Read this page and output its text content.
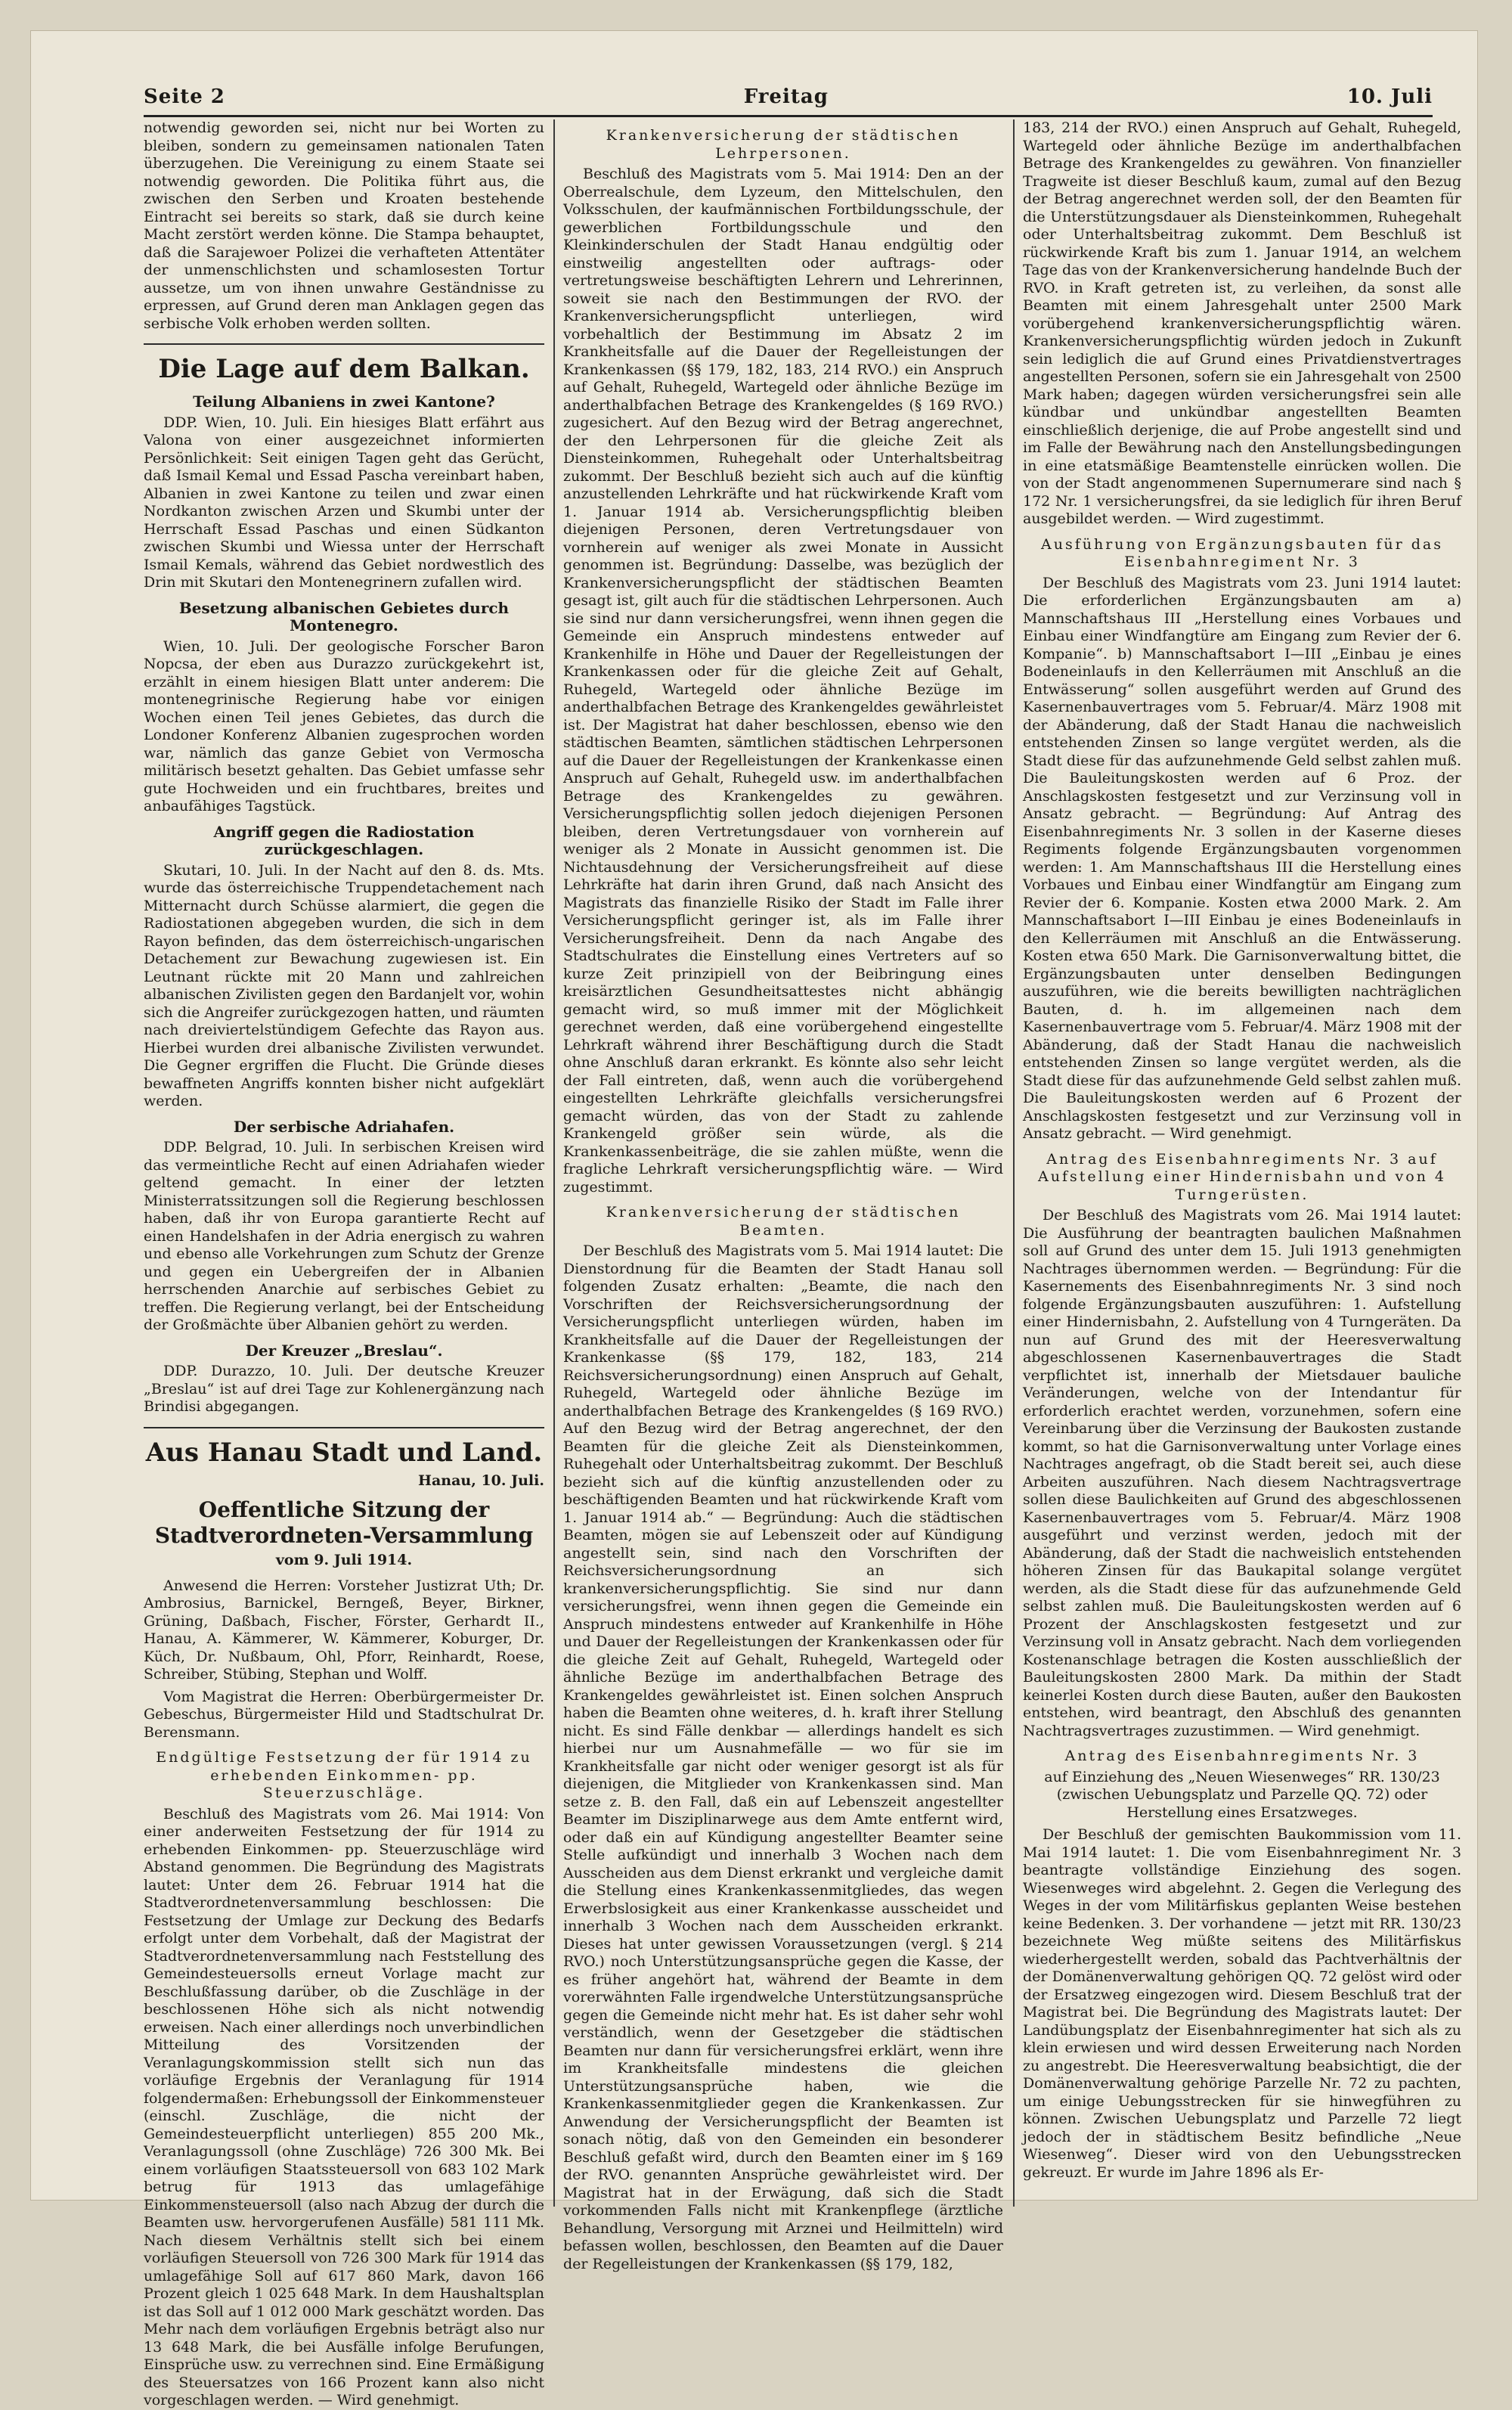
Seite 2	Freitag	10. Juli

notwendig geworden sei, nicht nur bei Worten zu bleiben, sondern zu gemeinsamen nationalen Taten überzugehen. Die Vereinigung zu einem Staate sei notwendig geworden. Die Politika führt aus, die zwischen den Serben und Kroaten bestehende Eintracht sei bereits so stark, daß sie durch keine Macht zerstört werden könne. Die Stampa behauptet, daß die Sarajewoer Polizei die verhafteten Attentäter der unmenschlichsten und schamlosesten Tortur aussetze, um von ihnen unwahre Geständnisse zu erpressen, auf Grund deren man Anklagen gegen das serbische Volk erhoben werden sollten.

Die Lage auf dem Balkan.
Teilung Albaniens in zwei Kantone?

DDP. Wien, 10. Juli. Ein hiesiges Blatt erfährt aus Valona von einer ausgezeichnet informierten Persönlichkeit: Seit einigen Tagen geht das Gerücht, daß Ismail Kemal und Essad Pascha vereinbart haben, Albanien in zwei Kantone zu teilen und zwar einen Nordkanton zwischen Arzen und Skumbi unter der Herrschaft Essad Paschas und einen Südkanton zwischen Skumbi und Wiessa unter der Herrschaft Ismail Kemals, während das Gebiet nordwestlich des Drin mit Skutari den Montenegrinern zufallen wird.

Besetzung albanischen Gebietes durch Montenegro.

Wien, 10. Juli. Der geologische Forscher Baron Nopcsa, der eben aus Durazzo zurückgekehrt ist, erzählt in einem hiesigen Blatt unter anderem: Die montenegrinische Regierung habe vor einigen Wochen einen Teil jenes Gebietes, das durch die Londoner Konferenz Albanien zugesprochen worden war, nämlich das ganze Gebiet von Vermoscha militärisch besetzt gehalten. Das Gebiet umfasse sehr gute Hochweiden und ein fruchtbares, breites und anbaufähiges Tagstück.

Angriff gegen die Radiostation zurückgeschlagen.

Skutari, 10. Juli. In der Nacht auf den 8. ds. Mts. wurde das österreichische Truppendetachement nach Mitternacht durch Schüsse alarmiert, die gegen die Radiostationen abgegeben wurden, die sich in dem Rayon befinden, das dem österreichisch-ungarischen Detachement zur Bewachung zugewiesen ist. Ein Leutnant rückte mit 20 Mann und zahlreichen albanischen Zivilisten gegen den Bardanjelt vor, wohin sich die Angreifer zurückgezogen hatten, und räumten nach dreiviertelstündigem Gefechte das Rayon aus. Hierbei wurden drei albanische Zivilisten verwundet. Die Gegner ergriffen die Flucht. Die Gründe dieses bewaffneten Angriffs konnten bisher nicht aufgeklärt werden.

Der serbische Adriahafen.

DDP. Belgrad, 10. Juli. In serbischen Kreisen wird das vermeintliche Recht auf einen Adriahafen wieder geltend gemacht. In einer der letzten Ministerratssitzungen soll die Regierung beschlossen haben, daß ihr von Europa garantierte Recht auf einen Handelshafen in der Adria energisch zu wahren und ebenso alle Vorkehrungen zum Schutz der Grenze und gegen ein Uebergreifen der in Albanien herrschenden Anarchie auf serbisches Gebiet zu treffen. Die Regierung verlangt, bei der Entscheidung der Großmächte über Albanien gehört zu werden.

Der Kreuzer „Breslau“.

DDP. Durazzo, 10. Juli. Der deutsche Kreuzer „Breslau“ ist auf drei Tage zur Kohlenergänzung nach Brindisi abgegangen.

Aus Hanau Stadt und Land.
Hanau, 10. Juli.
Oeffentliche Sitzung der Stadtverordneten-Versammlung
vom 9. Juli 1914.

Anwesend die Herren: Vorsteher Justizrat Uth; Dr. Ambrosius, Barnickel, Berngeß, Beyer, Birkner, Grüning, Daßbach, Fischer, Förster, Gerhardt II., Hanau, A. Kämmerer, W. Kämmerer, Koburger, Dr. Küch, Dr. Nußbaum, Ohl, Pforr, Reinhardt, Roese, Schreiber, Stübing, Stephan und Wolff.

Vom Magistrat die Herren: Oberbürgermeister Dr. Gebeschus, Bürgermeister Hild und Stadtschulrat Dr. Berensmann.

Endgültige Festsetzung der für 1914 zu erhebenden Einkommen- pp. Steuerzuschläge.

Beschluß des Magistrats vom 26. Mai 1914: Von einer anderweiten Festsetzung der für 1914 zu erhebenden Einkommen- pp. Steuerzuschläge wird Abstand genommen. Die Begründung des Magistrats lautet: Unter dem 26. Februar 1914 hat die Stadtverordnetenversammlung beschlossen: Die Festsetzung der Umlage zur Deckung des Bedarfs erfolgt unter dem Vorbehalt, daß der Magistrat der Stadtverordnetenversammlung nach Feststellung des Gemeindesteuersolls erneut Vorlage macht zur Beschlußfassung darüber, ob die Zuschläge in der beschlossenen Höhe sich als nicht notwendig erweisen. Nach einer allerdings noch unverbindlichen Mitteilung des Vorsitzenden der Veranlagungskommission stellt sich nun das vorläufige Ergebnis der Veranlagung für 1914 folgendermaßen: Erhebungssoll der Einkommensteuer (einschl. Zuschläge, die nicht der Gemeindesteuerpflicht unterliegen) 855 200 Mk., Veranlagungssoll (ohne Zuschläge) 726 300 Mk. Bei einem vorläufigen Staatssteuersoll von 683 102 Mark betrug für 1913 das umlagefähige Einkommensteuersoll (also nach Abzug der durch die Beamten usw. hervorgerufenen Ausfälle) 581 111 Mk. Nach diesem Verhältnis stellt sich bei einem vorläufigen Steuersoll von 726 300 Mark für 1914 das umlagefähige Soll auf 617 860 Mark, davon 166 Prozent gleich 1 025 648 Mark. In dem Haushaltsplan ist das Soll auf 1 012 000 Mark geschätzt worden. Das Mehr nach dem vorläufigen Ergebnis beträgt also nur 13 648 Mark, die bei Ausfälle infolge Berufungen, Einsprüche usw. zu verrechnen sind. Eine Ermäßigung des Steuersatzes von 166 Prozent kann also nicht vorgeschlagen werden. — Wird genehmigt.

Krankenversicherung der städtischen Lehrpersonen.

Beschluß des Magistrats vom 5. Mai 1914: Den an der Oberrealschule, dem Lyzeum, den Mittelschulen, den Volksschulen, der kaufmännischen Fortbildungsschule, der gewerblichen Fortbildungsschule und den Kleinkinderschulen der Stadt Hanau endgültig oder einstweilig angestellten oder auftrags- oder vertretungsweise beschäftigten Lehrern und Lehrerinnen, soweit sie nach den Bestimmungen der RVO. der Krankenversicherungspflicht unterliegen, wird vorbehaltlich der Bestimmung im Absatz 2 im Krankheitsfalle auf die Dauer der Regelleistungen der Krankenkassen (§§ 179, 182, 183, 214 RVO.) ein Anspruch auf Gehalt, Ruhegeld, Wartegeld oder ähnliche Bezüge im anderthalbfachen Betrage des Krankengeldes (§ 169 RVO.) zugesichert. Auf den Bezug wird der Betrag angerechnet, der den Lehrpersonen für die gleiche Zeit als Diensteinkommen, Ruhegehalt oder Unterhaltsbeitrag zukommt. Der Beschluß bezieht sich auch auf die künftig anzustellenden Lehrkräfte und hat rückwirkende Kraft vom 1. Januar 1914 ab. Versicherungspflichtig bleiben diejenigen Personen, deren Vertretungsdauer von vornherein auf weniger als zwei Monate in Aussicht genommen ist. Begründung: Dasselbe, was bezüglich der Krankenversicherungspflicht der städtischen Beamten gesagt ist, gilt auch für die städtischen Lehrpersonen. Auch sie sind nur dann versicherungsfrei, wenn ihnen gegen die Gemeinde ein Anspruch mindestens entweder auf Krankenhilfe in Höhe und Dauer der Regelleistungen der Krankenkassen oder für die gleiche Zeit auf Gehalt, Ruhegeld, Wartegeld oder ähnliche Bezüge im anderthalbfachen Betrage des Krankengeldes gewährleistet ist. Der Magistrat hat daher beschlossen, ebenso wie den städtischen Beamten, sämtlichen städtischen Lehrpersonen auf die Dauer der Regelleistungen der Krankenkasse einen Anspruch auf Gehalt, Ruhegeld usw. im anderthalbfachen Betrage des Krankengeldes zu gewähren. Versicherungspflichtig sollen jedoch diejenigen Personen bleiben, deren Vertretungsdauer von vornherein auf weniger als 2 Monate in Aussicht genommen ist. Die Nichtausdehnung der Versicherungsfreiheit auf diese Lehrkräfte hat darin ihren Grund, daß nach Ansicht des Magistrats das finanzielle Risiko der Stadt im Falle ihrer Versicherungspflicht geringer ist, als im Falle ihrer Versicherungsfreiheit. Denn da nach Angabe des Stadtschulrates die Einstellung eines Vertreters auf so kurze Zeit prinzipiell von der Beibringung eines kreisärztlichen Gesundheitsattestes nicht abhängig gemacht wird, so muß immer mit der Möglichkeit gerechnet werden, daß eine vorübergehend eingestellte Lehrkraft während ihrer Beschäftigung durch die Stadt ohne Anschluß daran erkrankt. Es könnte also sehr leicht der Fall eintreten, daß, wenn auch die vorübergehend eingestellten Lehrkräfte gleichfalls versicherungsfrei gemacht würden, das von der Stadt zu zahlende Krankengeld größer sein würde, als die Krankenkassenbeiträge, die sie zahlen müßte, wenn die fragliche Lehrkraft versicherungspflichtig wäre. — Wird zugestimmt.

Krankenversicherung der städtischen Beamten.

Der Beschluß des Magistrats vom 5. Mai 1914 lautet: Die Dienstordnung für die Beamten der Stadt Hanau soll folgenden Zusatz erhalten: „Beamte, die nach den Vorschriften der Reichsversicherungsordnung der Versicherungspflicht unterliegen würden, haben im Krankheitsfalle auf die Dauer der Regelleistungen der Krankenkasse (§§ 179, 182, 183, 214 Reichsversicherungsordnung) einen Anspruch auf Gehalt, Ruhegeld, Wartegeld oder ähnliche Bezüge im anderthalbfachen Betrage des Krankengeldes (§ 169 RVO.) Auf den Bezug wird der Betrag angerechnet, der den Beamten für die gleiche Zeit als Diensteinkommen, Ruhegehalt oder Unterhaltsbeitrag zukommt. Der Beschluß bezieht sich auf die künftig anzustellenden oder zu beschäftigenden Beamten und hat rückwirkende Kraft vom 1. Januar 1914 ab.“ — Begründung: Auch die städtischen Beamten, mögen sie auf Lebenszeit oder auf Kündigung angestellt sein, sind nach den Vorschriften der Reichsversicherungsordnung an sich krankenversicherungspflichtig. Sie sind nur dann versicherungsfrei, wenn ihnen gegen die Gemeinde ein Anspruch mindestens entweder auf Krankenhilfe in Höhe und Dauer der Regelleistungen der Krankenkassen oder für die gleiche Zeit auf Gehalt, Ruhegeld, Wartegeld oder ähnliche Bezüge im anderthalbfachen Betrage des Krankengeldes gewährleistet ist. Einen solchen Anspruch haben die Beamten ohne weiteres, d. h. kraft ihrer Stellung nicht. Es sind Fälle denkbar — allerdings handelt es sich hierbei nur um Ausnahmefälle — wo für sie im Krankheitsfalle gar nicht oder weniger gesorgt ist als für diejenigen, die Mitglieder von Krankenkassen sind. Man setze z. B. den Fall, daß ein auf Lebenszeit angestellter Beamter im Disziplinarwege aus dem Amte entfernt wird, oder daß ein auf Kündigung angestellter Beamter seine Stelle aufkündigt und innerhalb 3 Wochen nach dem Ausscheiden aus dem Dienst erkrankt und vergleiche damit die Stellung eines Krankenkassenmitgliedes, das wegen Erwerbslosigkeit aus einer Krankenkasse ausscheidet und innerhalb 3 Wochen nach dem Ausscheiden erkrankt. Dieses hat unter gewissen Voraussetzungen (vergl. § 214 RVO.) noch Unterstützungsansprüche gegen die Kasse, der es früher angehört hat, während der Beamte in dem vorerwähnten Falle irgendwelche Unterstützungsansprüche gegen die Gemeinde nicht mehr hat. Es ist daher sehr wohl verständlich, wenn der Gesetzgeber die städtischen Beamten nur dann für versicherungsfrei erklärt, wenn ihre im Krankheitsfalle mindestens die gleichen Unterstützungsansprüche haben, wie die Krankenkassenmitglieder gegen die Krankenkassen. Zur Anwendung der Versicherungspflicht der Beamten ist sonach nötig, daß von den Gemeinden ein besonderer Beschluß gefaßt wird, durch den Beamten einer im § 169 der RVO. genannten Ansprüche gewährleistet wird. Der Magistrat hat in der Erwägung, daß sich die Stadt vorkommenden Falls nicht mit Krankenpflege (ärztliche Behandlung, Versorgung mit Arznei und Heilmitteln) wird befassen wollen, beschlossen, den Beamten auf die Dauer der Regelleistungen der Krankenkassen (§§ 179, 182,

183, 214 der RVO.) einen Anspruch auf Gehalt, Ruhegeld, Wartegeld oder ähnliche Bezüge im anderthalbfachen Betrage des Krankengeldes zu gewähren. Von finanzieller Tragweite ist dieser Beschluß kaum, zumal auf den Bezug der Betrag angerechnet werden soll, der den Beamten für die Unterstützungsdauer als Diensteinkommen, Ruhegehalt oder Unterhaltsbeitrag zukommt. Dem Beschluß ist rückwirkende Kraft bis zum 1. Januar 1914, an welchem Tage das von der Krankenversicherung handelnde Buch der RVO. in Kraft getreten ist, zu verleihen, da sonst alle Beamten mit einem Jahresgehalt unter 2500 Mark vorübergehend krankenversicherungspflichtig wären. Krankenversicherungspflichtig würden jedoch in Zukunft sein lediglich die auf Grund eines Privatdienstvertrages angestellten Personen, sofern sie ein Jahresgehalt von 2500 Mark haben; dagegen würden versicherungsfrei sein alle kündbar und unkündbar angestellten Beamten einschließlich derjenige, die auf Probe angestellt sind und im Falle der Bewährung nach den Anstellungsbedingungen in eine etatsmäßige Beamtenstelle einrücken wollen. Die von der Stadt angenommenen Supernumerare sind nach § 172 Nr. 1 versicherungsfrei, da sie lediglich für ihren Beruf ausgebildet werden. — Wird zugestimmt.

Ausführung von Ergänzungsbauten für das Eisenbahnregiment Nr. 3

Der Beschluß des Magistrats vom 23. Juni 1914 lautet: Die erforderlichen Ergänzungsbauten am a) Mannschaftshaus III „Herstellung eines Vorbaues und Einbau einer Windfangtüre am Eingang zum Revier der 6. Kompanie“. b) Mannschaftsabort I—III „Einbau je eines Bodeneinlaufs in den Kellerräumen mit Anschluß an die Entwässerung“ sollen ausgeführt werden auf Grund des Kasernenbauvertrages vom 5. Februar/4. März 1908 mit der Abänderung, daß der Stadt Hanau die nachweislich entstehenden Zinsen so lange vergütet werden, als die Stadt diese für das aufzunehmende Geld selbst zahlen muß. Die Bauleitungskosten werden auf 6 Proz. der Anschlagskosten festgesetzt und zur Verzinsung voll in Ansatz gebracht. — Begründung: Auf Antrag des Eisenbahnregiments Nr. 3 sollen in der Kaserne dieses Regiments folgende Ergänzungsbauten vorgenommen werden: 1. Am Mannschaftshaus III die Herstellung eines Vorbaues und Einbau einer Windfangtür am Eingang zum Revier der 6. Kompanie. Kosten etwa 2000 Mark. 2. Am Mannschaftsabort I—III Einbau je eines Bodeneinlaufs in den Kellerräumen mit Anschluß an die Entwässerung. Kosten etwa 650 Mark. Die Garnisonverwaltung bittet, die Ergänzungsbauten unter denselben Bedingungen auszuführen, wie die bereits bewilligten nachträglichen Bauten, d. h. im allgemeinen nach dem Kasernenbauvertrage vom 5. Februar/4. März 1908 mit der Abänderung, daß der Stadt Hanau die nachweislich entstehenden Zinsen so lange vergütet werden, als die Stadt diese für das aufzunehmende Geld selbst zahlen muß. Die Bauleitungskosten werden auf 6 Prozent der Anschlagskosten festgesetzt und zur Verzinsung voll in Ansatz gebracht. — Wird genehmigt.

Antrag des Eisenbahnregiments Nr. 3 auf Aufstellung einer Hindernisbahn und von 4 Turngerüsten.

Der Beschluß des Magistrats vom 26. Mai 1914 lautet: Die Ausführung der beantragten baulichen Maßnahmen soll auf Grund des unter dem 15. Juli 1913 genehmigten Nachtrages übernommen werden. — Begründung: Für die Kasernements des Eisenbahnregiments Nr. 3 sind noch folgende Ergänzungsbauten auszuführen: 1. Aufstellung einer Hindernisbahn, 2. Aufstellung von 4 Turngeräten. Da nun auf Grund des mit der Heeresverwaltung abgeschlossenen Kasernenbauvertrages die Stadt verpflichtet ist, innerhalb der Mietsdauer bauliche Veränderungen, welche von der Intendantur für erforderlich erachtet werden, vorzunehmen, sofern eine Vereinbarung über die Verzinsung der Baukosten zustande kommt, so hat die Garnisonverwaltung unter Vorlage eines Nachtrages angefragt, ob die Stadt bereit sei, auch diese Arbeiten auszuführen. Nach diesem Nachtragsvertrage sollen diese Baulichkeiten auf Grund des abgeschlossenen Kasernenbauvertrages vom 5. Februar/4. März 1908 ausgeführt und verzinst werden, jedoch mit der Abänderung, daß der Stadt die nachweislich entstehenden höheren Zinsen für das Baukapital solange vergütet werden, als die Stadt diese für das aufzunehmende Geld selbst zahlen muß. Die Bauleitungskosten werden auf 6 Prozent der Anschlagskosten festgesetzt und zur Verzinsung voll in Ansatz gebracht. Nach dem vorliegenden Kostenanschlage betragen die Kosten ausschließlich der Bauleitungskosten 2800 Mark. Da mithin der Stadt keinerlei Kosten durch diese Bauten, außer den Baukosten entstehen, wird beantragt, den Abschluß des genannten Nachtragsvertrages zuzustimmen. — Wird genehmigt.

Antrag des Eisenbahnregiments Nr. 3

auf Einziehung des „Neuen Wiesenweges“ RR. 130/23 (zwischen Uebungsplatz und Parzelle QQ. 72) oder Herstellung eines Ersatzweges.

Der Beschluß der gemischten Baukommission vom 11. Mai 1914 lautet: 1. Die vom Eisenbahnregiment Nr. 3 beantragte vollständige Einziehung des sogen. Wiesenweges wird abgelehnt. 2. Gegen die Verlegung des Weges in der vom Militärfiskus geplanten Weise bestehen keine Bedenken. 3. Der vorhandene — jetzt mit RR. 130/23 bezeichnete Weg müßte seitens des Militärfiskus wiederhergestellt werden, sobald das Pachtverhältnis der der Domänenverwaltung gehörigen QQ. 72 gelöst wird oder der Ersatzweg eingezogen wird. Diesem Beschluß trat der Magistrat bei. Die Begründung des Magistrats lautet: Der Landübungsplatz der Eisenbahnregimenter hat sich als zu klein erwiesen und wird dessen Erweiterung nach Norden zu angestrebt. Die Heeresverwaltung beabsichtigt, die der Domänenverwaltung gehörige Parzelle Nr. 72 zu pachten, um einige Uebungsstrecken für sie hinwegführen zu können. Zwischen Uebungsplatz und Parzelle 72 liegt jedoch der in städtischem Besitz befindliche „Neue Wiesenweg“. Dieser wird von den Uebungsstrecken gekreuzt. Er wurde im Jahre 1896 als Er-
